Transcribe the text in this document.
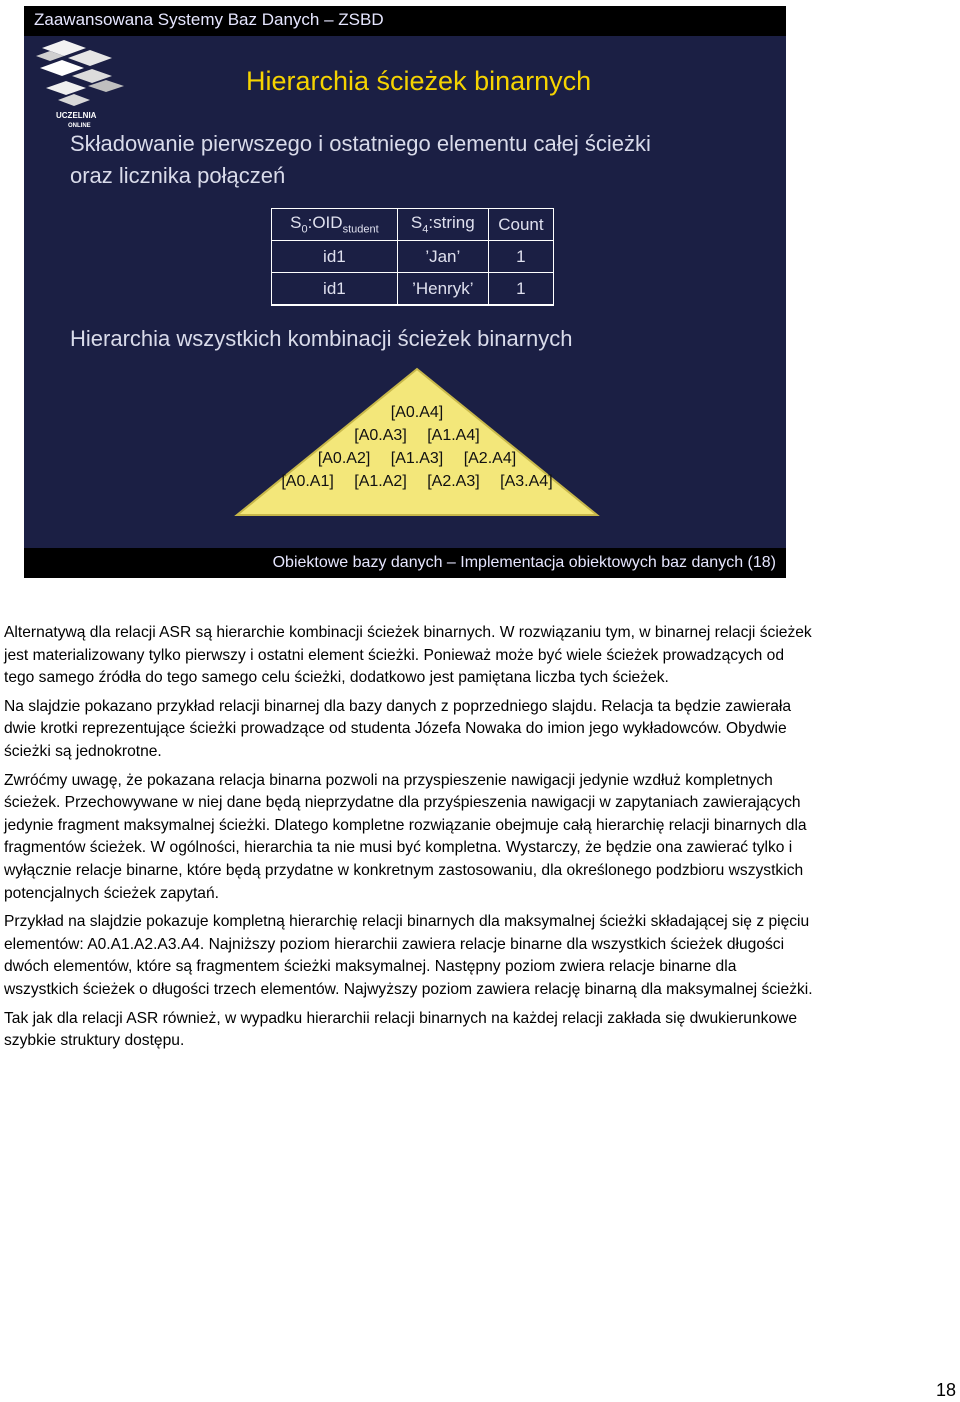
Zaawansowana Systemy Baz Danych – ZSBD
UCZELNIA
ONLINE
Hierarchia ścieżek binarnych
Składowanie pierwszego i ostatniego elementu całej ścieżki
oraz licznika połączeń
$S_0:OID_{student}$	$S_4:string$	Count
id1	’Jan’	1
id1	’Henryk’	1
Hierarchia wszystkich kombinacji ścieżek binarnych
[A0.A4]
[A0.A3] [A1.A4]
[A0.A2] [A1.A3] [A2.A4]
[A0.A1] [A1.A2] [A2.A3] [A3.A4]
Obiektowe bazy danych – Implementacja obiektowych baz danych (18)

Alternatywą dla relacji ASR są hierarchie kombinacji ścieżek binarnych. W rozwiązaniu tym, w binarnej relacji ścieżek jest materializowany tylko pierwszy i ostatni element ścieżki. Ponieważ może być wiele ścieżek prowadzących od tego samego źródła do tego samego celu ścieżki, dodatkowo jest pamiętana liczba tych ścieżek.

Na slajdzie pokazano przykład relacji binarnej dla bazy danych z poprzedniego slajdu. Relacja ta będzie zawierała dwie krotki reprezentujące ścieżki prowadzące od studenta Józefa Nowaka do imion jego wykładowców. Obydwie ścieżki są jednokrotne.

Zwróćmy uwagę, że pokazana relacja binarna pozwoli na przyspieszenie nawigacji jedynie wzdłuż kompletnych ścieżek. Przechowywane w niej dane będą nieprzydatne dla przyśpieszenia nawigacji w zapytaniach zawierających jedynie fragment maksymalnej ścieżki. Dlatego kompletne rozwiązanie obejmuje całą hierarchię relacji binarnych dla fragmentów ścieżek. W ogólności, hierarchia ta nie musi być kompletna. Wystarczy, że będzie ona zawierać tylko i wyłącznie relacje binarne, które będą przydatne w konkretnym zastosowaniu, dla określonego podzbioru wszystkich potencjalnych ścieżek zapytań.

Przykład na slajdzie pokazuje kompletną hierarchię relacji binarnych dla maksymalnej ścieżki składającej się z pięciu elementów: A0.A1.A2.A3.A4. Najniższy poziom hierarchii zawiera relacje binarne dla wszystkich ścieżek długości dwóch elementów, które są fragmentem ścieżki maksymalnej. Następny poziom zwiera relacje binarne dla wszystkich ścieżek o długości trzech elementów. Najwyższy poziom zawiera relację binarną dla maksymalnej ścieżki.

Tak jak dla relacji ASR również, w wypadku hierarchii relacji binarnych na każdej relacji zakłada się dwukierunkowe szybkie struktury dostępu.

18
